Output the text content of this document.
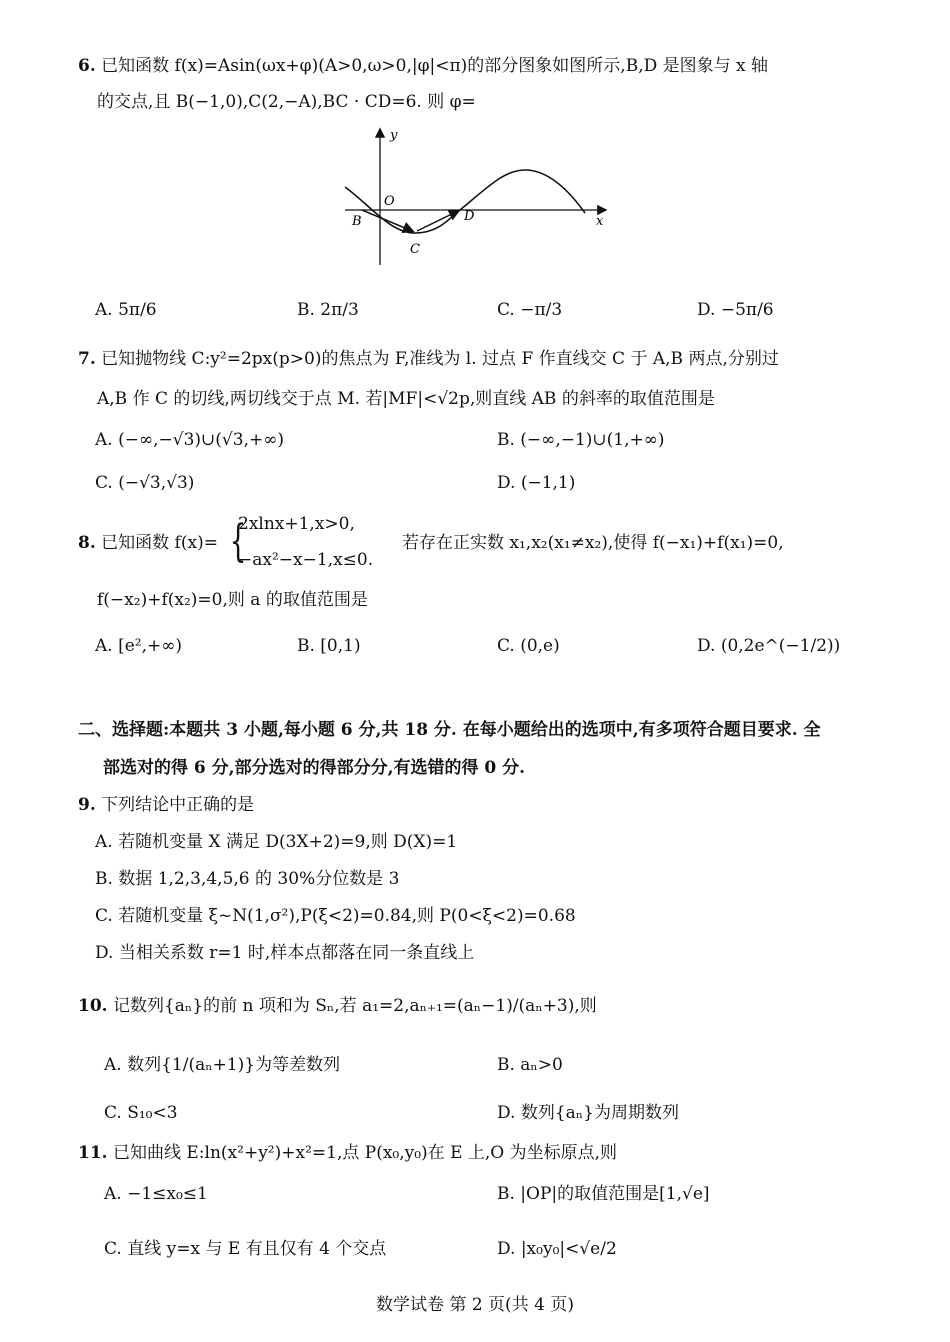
6. 已知函数 f(x)=Asin(ωx+φ)(A>0,ω>0,|φ|<π)的部分图象如图所示,B,D 是图象与 x 轴
的交点,且 B(−1,0),C(2,−A),BC · CD=6. 则 φ=
y
x
O
B
C
D
A. 5π/6	B. 2π/3	C. −π/3	D. −5π/6
7. 已知抛物线 C:y²=2px(p>0)的焦点为 F,准线为 l. 过点 F 作直线交 C 于 A,B 两点,分别过
A,B 作 C 的切线,两切线交于点 M. 若|MF|<√2p,则直线 AB 的斜率的取值范围是
A. (−∞,−√3)∪(√3,+∞)	B. (−∞,−1)∪(1,+∞)
C. (−√3,√3)	D. (−1,1)
8. 已知函数 f(x)= {
2xlnx+1,x>0,
−ax²−x−1,x≤0.
若存在正实数 x₁,x₂(x₁≠x₂),使得 f(−x₁)+f(x₁)=0,
f(−x₂)+f(x₂)=0,则 a 的取值范围是
A. [e²,+∞)	B. [0,1)	C. (0,e)	D. (0,2e^(−1/2))
二、选择题:本题共 3 小题,每小题 6 分,共 18 分. 在每小题给出的选项中,有多项符合题目要求. 全
部选对的得 6 分,部分选对的得部分分,有选错的得 0 分.
9. 下列结论中正确的是
A. 若随机变量 X 满足 D(3X+2)=9,则 D(X)=1
B. 数据 1,2,3,4,5,6 的 30%分位数是 3
C. 若随机变量 ξ~N(1,σ²),P(ξ<2)=0.84,则 P(0<ξ<2)=0.68
D. 当相关系数 r=1 时,样本点都落在同一条直线上
10. 记数列{aₙ}的前 n 项和为 Sₙ,若 a₁=2,aₙ₊₁=(aₙ−1)/(aₙ+3),则
A. 数列{1/(aₙ+1)}为等差数列	B. aₙ>0
C. S₁₀<3	D. 数列{aₙ}为周期数列
11. 已知曲线 E:ln(x²+y²)+x²=1,点 P(x₀,y₀)在 E 上,O 为坐标原点,则
A. −1≤x₀≤1	B. |OP|的取值范围是[1,√e]
C. 直线 y=x 与 E 有且仅有 4 个交点	D. |x₀y₀|<√e/2
数学试卷 第 2 页(共 4 页)
